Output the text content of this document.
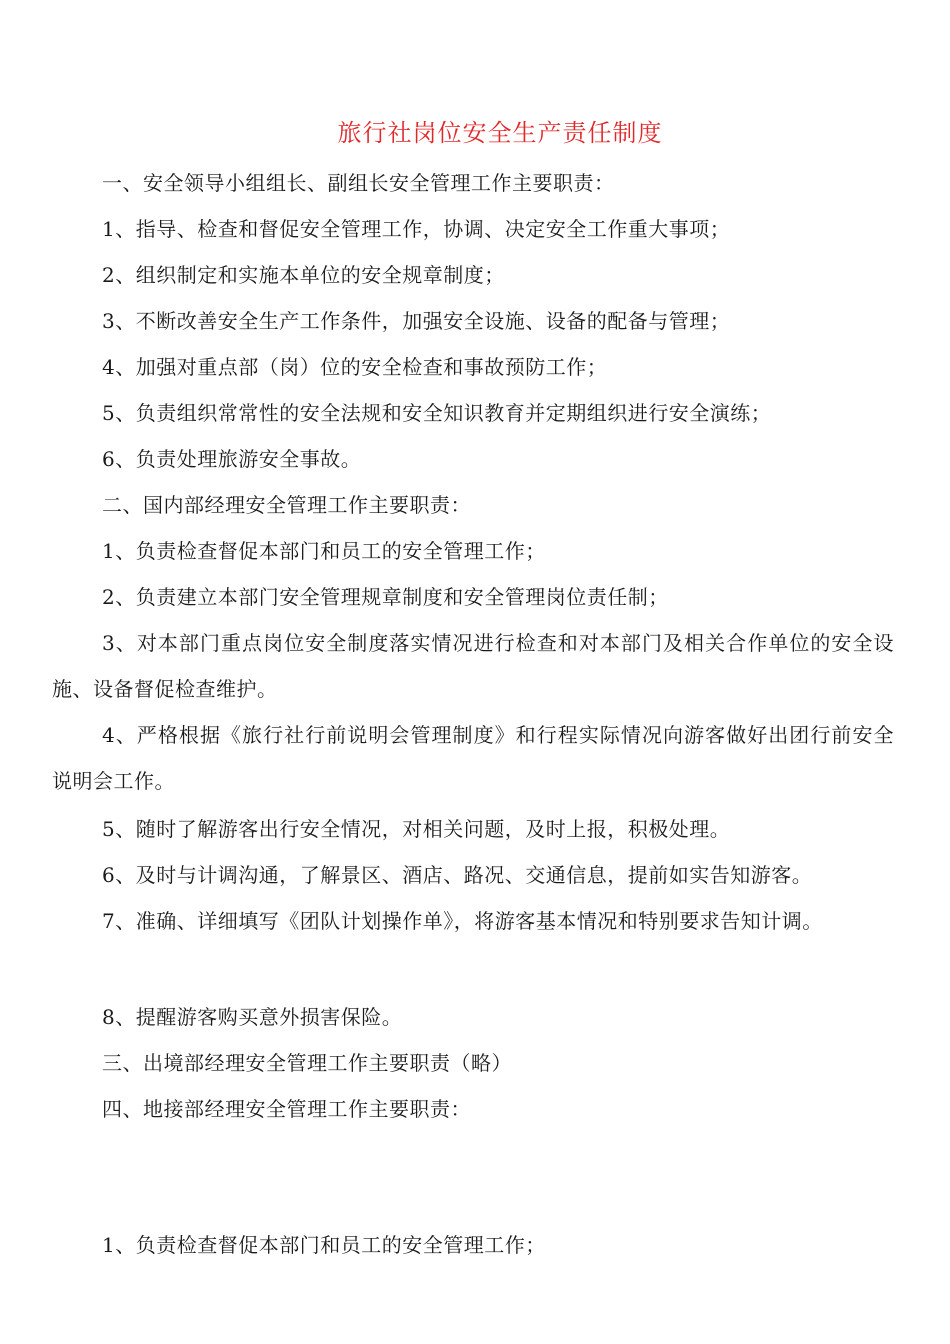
旅行社岗位安全生产责任制度

一、安全领导小组组长、副组长安全管理工作主要职责：

1、指导、检查和督促安全管理工作，协调、决定安全工作重大事项；

2、组织制定和实施本单位的安全规章制度；

3、不断改善安全生产工作条件，加强安全设施、设备的配备与管理；

4、加强对重点部（岗）位的安全检查和事故预防工作；

5、负责组织常常性的安全法规和安全知识教育并定期组织进行安全演练；

6、负责处理旅游安全事故。

二、国内部经理安全管理工作主要职责：

1、负责检查督促本部门和员工的安全管理工作；

2、负责建立本部门安全管理规章制度和安全管理岗位责任制；

3、对本部门重点岗位安全制度落实情况进行检查和对本部门及相关合作单位的安全设施、设备督促检查维护。

4、严格根据《旅行社行前说明会管理制度》和行程实际情况向游客做好出团行前安全说明会工作。

5、随时了解游客出行安全情况，对相关问题，及时上报，积极处理。

6、及时与计调沟通，了解景区、酒店、路况、交通信息，提前如实告知游客。

7、准确、详细填写《团队计划操作单》，将游客基本情况和特别要求告知计调。

8、提醒游客购买意外损害保险。

三、出境部经理安全管理工作主要职责（略）

四、地接部经理安全管理工作主要职责：

1、负责检查督促本部门和员工的安全管理工作；
